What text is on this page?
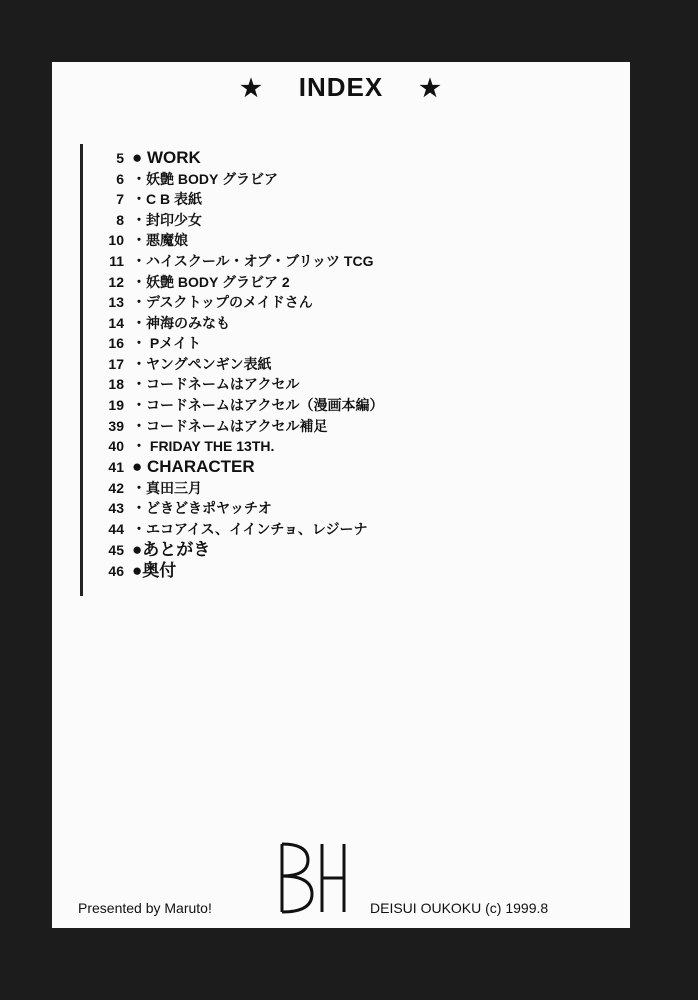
★ INDEX ★
5 ● WORK
6 ・妖艶 BODY グラビア
7 ・C B 表紙
8 ・封印少女
10 ・悪魔娘
11 ・ハイスクール・オブ・ブリッツ TCG
12 ・妖艶 BODY グラビア 2
13 ・デスクトップのメイドさん
14 ・神海のみなも
16 ・ Pメイト
17 ・ヤングペンギン表紙
18 ・コードネームはアクセル
19 ・コードネームはアクセル（漫画本編）
39 ・コードネームはアクセル補足
40 ・ FRIDAY THE 13TH.
41 ● CHARACTER
42 ・真田三月
43 ・どきどきポヤッチオ
44 ・エコアイス、イインチョ、レジーナ
45 ●あとがき
46 ●奥付
Presented by Maruto!	DEISUI OUKOKU (c) 1999.8
